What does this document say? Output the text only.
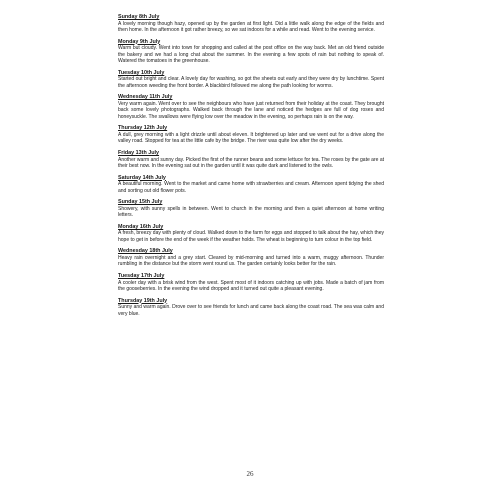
Sunday 8th July

A lovely morning though hazy, opened up by the garden at first light. Did a little walk along the edge of the fields and then home. In the afternoon it got rather breezy, so we sat indoors for a while and read. Went to the evening service.

Monday 9th July

Warm but cloudy. Went into town for shopping and called at the post office on the way back. Met an old friend outside the bakery and we had a long chat about the summer. In the evening a few spots of rain but nothing to speak of. Watered the tomatoes in the greenhouse.

Tuesday 10th July

Started out bright and clear. A lovely day for washing, so got the sheets out early and they were dry by lunchtime. Spent the afternoon weeding the front border. A blackbird followed me along the path looking for worms.

Wednesday 11th July

Very warm again. Went over to see the neighbours who have just returned from their holiday at the coast. They brought back some lovely photographs. Walked back through the lane and noticed the hedges are full of dog roses and honeysuckle. The swallows were flying low over the meadow in the evening, so perhaps rain is on the way.

Thursday 12th July

A dull, grey morning with a light drizzle until about eleven. It brightened up later and we went out for a drive along the valley road. Stopped for tea at the little cafe by the bridge. The river was quite low after the dry weeks.

Friday 13th July

Another warm and sunny day. Picked the first of the runner beans and some lettuce for tea. The roses by the gate are at their best now. In the evening sat out in the garden until it was quite dark and listened to the owls.

Saturday 14th July

A beautiful morning. Went to the market and came home with strawberries and cream. Afternoon spent tidying the shed and sorting out old flower pots.

Sunday 15th July

Showery, with sunny spells in between. Went to church in the morning and then a quiet afternoon at home writing letters.

Monday 16th July

A fresh, breezy day with plenty of cloud. Walked down to the farm for eggs and stopped to talk about the hay, which they hope to get in before the end of the week if the weather holds. The wheat is beginning to turn colour in the top field.

Wednesday 18th July

Heavy rain overnight and a grey start. Cleared by mid-morning and turned into a warm, muggy afternoon. Thunder rumbling in the distance but the storm went round us. The garden certainly looks better for the rain.

Tuesday 17th July

A cooler day with a brisk wind from the west. Spent most of it indoors catching up with jobs. Made a batch of jam from the gooseberries. In the evening the wind dropped and it turned out quite a pleasant evening.

Thursday 19th July

Sunny and warm again. Drove over to see friends for lunch and came back along the coast road. The sea was calm and very blue.

26
